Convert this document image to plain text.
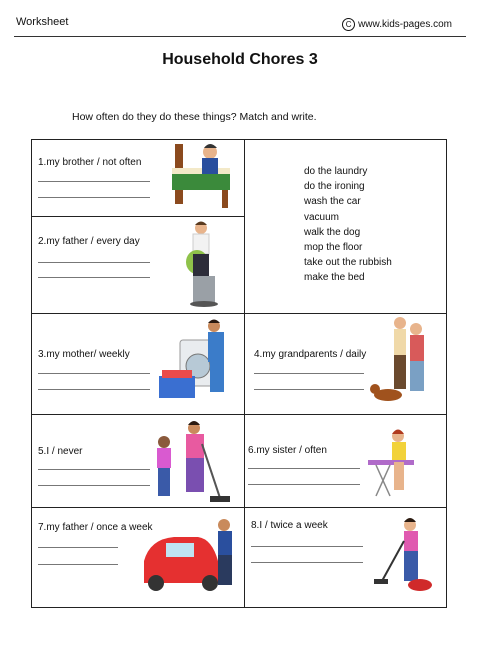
Worksheet	C www.kids-pages.com
Household Chores 3
How often do they do these things? Match and write.
1.my brother / not often
2.my father / every day
do the laundry
do the ironing
wash the car
vacuum
walk the dog
mop the floor
take out the rubbish
make the bed
3.my mother/ weekly	4.my grandparents / daily
5.I / never	6.my sister / often
7.my father / once a week	8.I / twice a week
